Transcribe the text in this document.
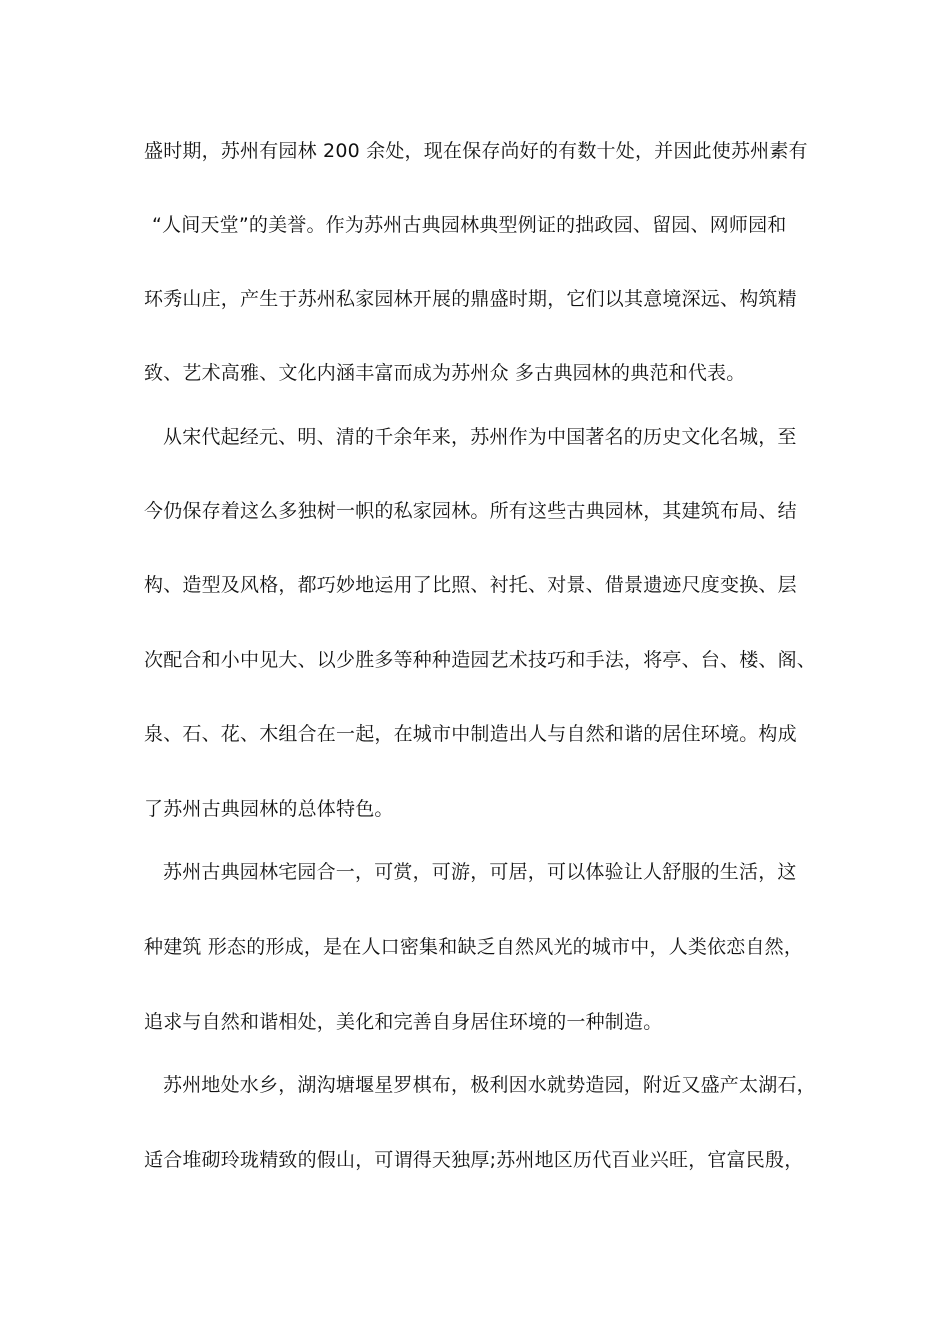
盛时期，苏州有园林 200 余处，现在保存尚好的有数十处，并因此使苏州素有
“人间天堂”的美誉。作为苏州古典园林典型例证的拙政园、留园、网师园和
环秀山庄，产生于苏州私家园林开展的鼎盛时期，它们以其意境深远、构筑精
致、艺术高雅、文化内涵丰富而成为苏州众 多古典园林的典范和代表。
从宋代起经元、明、清的千余年来，苏州作为中国著名的历史文化名城，至
今仍保存着这么多独树一帜的私家园林。所有这些古典园林，其建筑布局、结
构、造型及风格，都巧妙地运用了比照、衬托、对景、借景遗迹尺度变换、层
次配合和小中见大、以少胜多等种种造园艺术技巧和手法，将亭、台、楼、阁、
泉、石、花、木组合在一起，在城市中制造出人与自然和谐的居住环境。构成
了苏州古典园林的总体特色。
苏州古典园林宅园合一，可赏，可游，可居，可以体验让人舒服的生活，这
种建筑 形态的形成，是在人口密集和缺乏自然风光的城市中，人类依恋自然，
追求与自然和谐相处，美化和完善自身居住环境的一种制造。
苏州地处水乡，湖沟塘堰星罗棋布，极利因水就势造园，附近又盛产太湖石，
适合堆砌玲珑精致的假山，可谓得天独厚;苏州地区历代百业兴旺，官富民殷，
